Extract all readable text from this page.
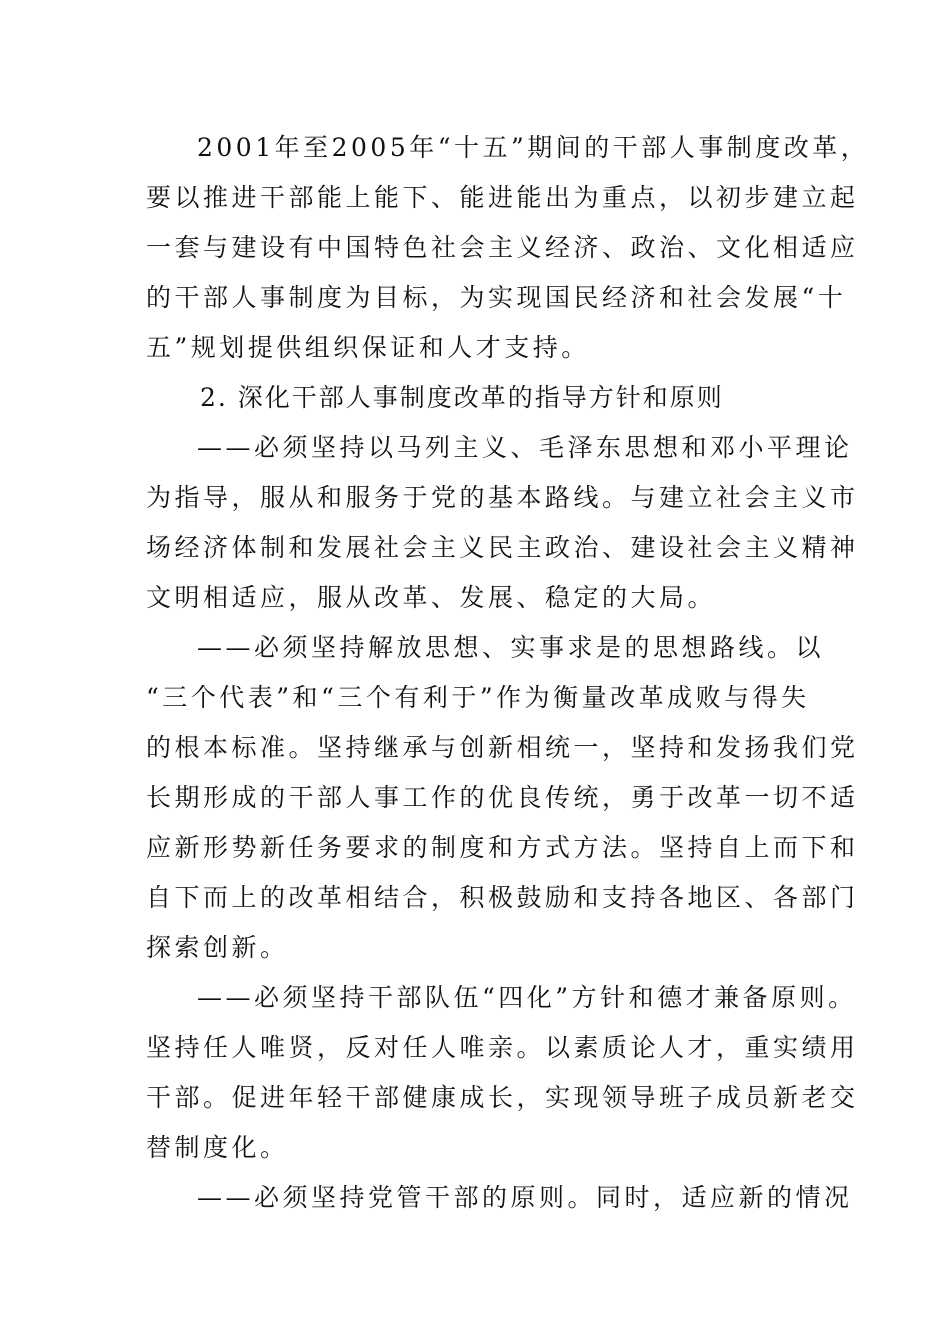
2001年至2005年“十五”期间的干部人事制度改革，
要以推进干部能上能下、能进能出为重点，以初步建立起
一套与建设有中国特色社会主义经济、政治、文化相适应
的干部人事制度为目标，为实现国民经济和社会发展“十
五”规划提供组织保证和人才支持。
2. 深化干部人事制度改革的指导方针和原则
——必须坚持以马列主义、毛泽东思想和邓小平理论
为指导，服从和服务于党的基本路线。与建立社会主义市
场经济体制和发展社会主义民主政治、建设社会主义精神
文明相适应，服从改革、发展、稳定的大局。
——必须坚持解放思想、实事求是的思想路线。以
“三个代表”和“三个有利于”作为衡量改革成败与得失
的根本标准。坚持继承与创新相统一，坚持和发扬我们党
长期形成的干部人事工作的优良传统，勇于改革一切不适
应新形势新任务要求的制度和方式方法。坚持自上而下和
自下而上的改革相结合，积极鼓励和支持各地区、各部门
探索创新。
——必须坚持干部队伍“四化”方针和德才兼备原则。
坚持任人唯贤，反对任人唯亲。以素质论人才，重实绩用
干部。促进年轻干部健康成长，实现领导班子成员新老交
替制度化。
——必须坚持党管干部的原则。同时，适应新的情况
